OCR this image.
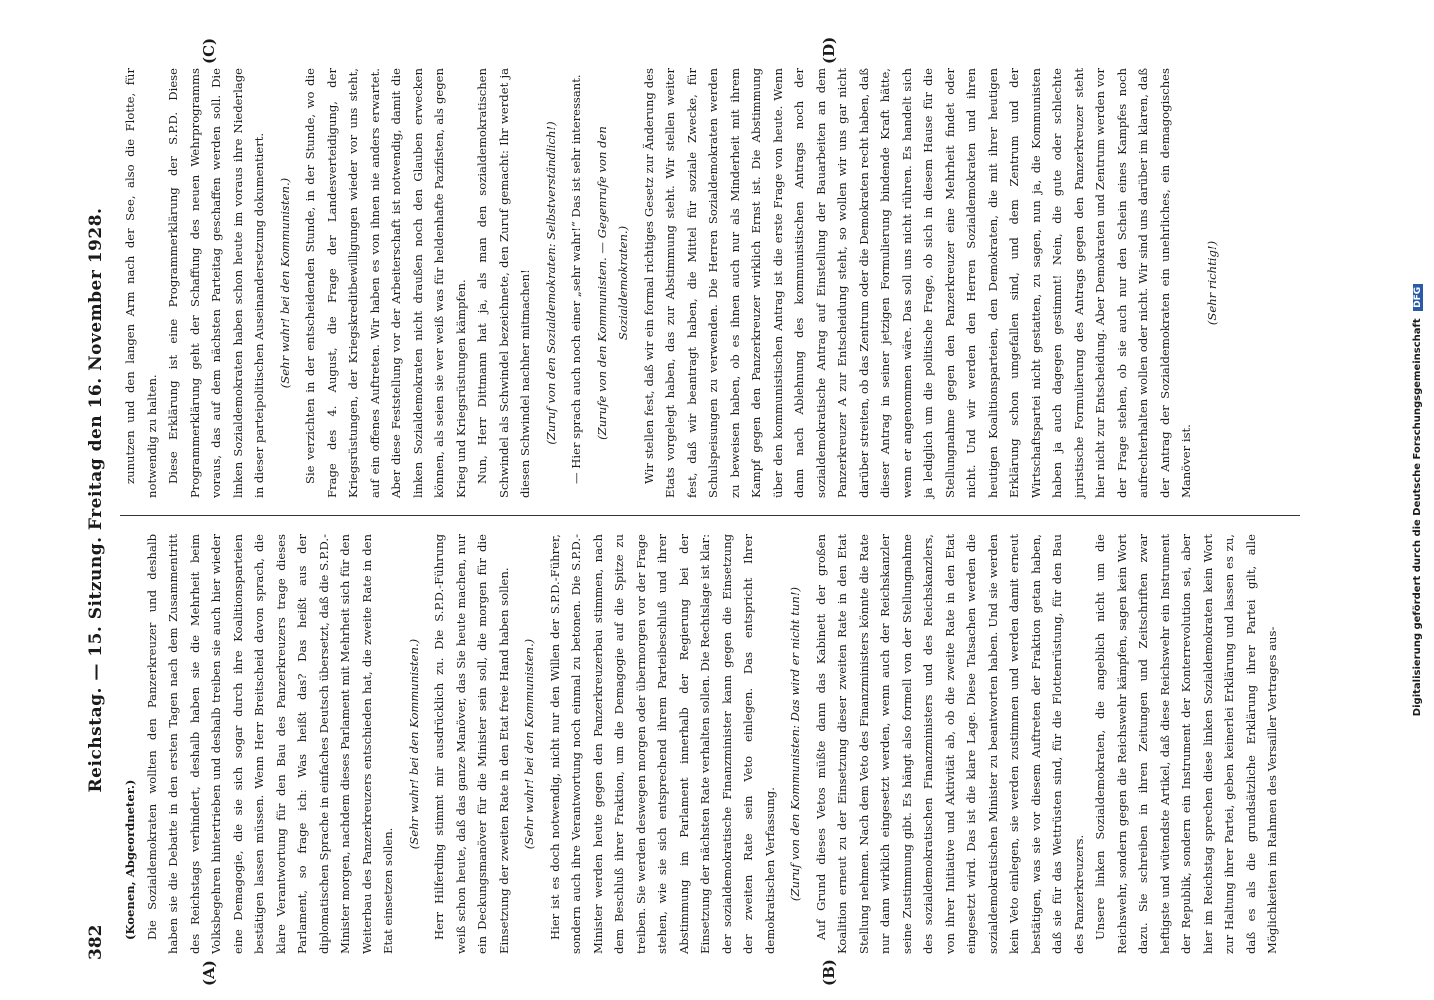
382
Reichstag. — 15. Sitzung. Freitag den 16. November 1928.
(A)	(B)
(C)	(D)

(Koenen, Abgeordneter.) Die Sozialdemokraten wollten den Panzerkreuzer und deshalb haben sie die Debatte in den ersten Tagen nach dem Zusammentritt des Reichstags verhindert, deshalb haben sie die Mehrheit beim Volksbegehren hintertrieben und deshalb treiben sie auch hier wieder eine Demagogie, die sie sich sogar durch ihre Koalitionsparteien bestätigen lassen müssen. Wenn Herr Breitscheid davon sprach, die klare Verantwortung für den Bau des Panzerkreuzers trage dieses Parlament, so frage ich: Was heißt das? Das heißt aus der diplomatischen Sprache in einfaches Deutsch übersetzt, daß die S.P.D.-Minister morgen, nachdem dieses Parlament mit Mehrheit sich für den Weiterbau des Panzerkreuzers entschieden hat, die zweite Rate in den Etat einsetzen sollen.

(Sehr wahr! bei den Kommunisten.) Herr Hilferding stimmt mir ausdrücklich zu. Die S.P.D.-Führung weiß schon heute, daß das ganze Manöver, das Sie heute machen, nur ein Deckungsmanöver für die Minister sein soll, die morgen für die Einsetzung der zweiten Rate in den Etat freie Hand haben sollen. (Sehr wahr! bei den Kommunisten.) Hier ist es doch notwendig, nicht nur den Willen der S.P.D.-Führer, sondern auch ihre Verantwortung noch einmal zu betonen. Die S.P.D.-Minister werden heute gegen den Panzerkreuzerbau stimmen, nach dem Beschluß ihrer Fraktion, um die Demagogie auf die Spitze zu treiben. Sie werden deswegen morgen oder übermorgen vor der Frage stehen, wie sie sich entsprechend ihrem Parteibeschluß und ihrer Abstimmung im Parlament innerhalb der Regierung bei der Einsetzung der nächsten Rate verhalten sollen. Die Rechtslage ist klar: der sozialdemokratische Finanzminister kann gegen die Einsetzung der zweiten Rate sein Veto einlegen. Das entspricht Ihrer demokratischen Verfassung. (Zuruf von den Kommunisten: Das wird er nicht tun!) Auf Grund dieses Vetos müßte dann das Kabinett der großen Koalition erneut zu der Einsetzung dieser zweiten Rate in den Etat Stellung nehmen. Nach dem Veto des Finanzministers könnte die Rate nur dann wirklich eingesetzt werden, wenn auch der Reichskanzler seine Zustimmung gibt. Es hängt also formell von der Stellungnahme des sozialdemokratischen Finanzministers und des Reichskanzlers, von ihrer Initiative und Aktivität ab, ob die zweite Rate in den Etat eingesetzt wird. Das ist die klare Lage. Diese Tatsachen werden die sozialdemokratischen Minister zu beantworten haben. Und sie werden kein Veto einlegen, sie werden zustimmen und werden damit erneut bestätigen, was sie vor diesem Auftreten der Fraktion getan haben, daß sie für das Wettrüsten sind, für die Flottenrüstung, für den Bau des Panzerkreuzers. Unsere linken Sozialdemokraten, die angeblich nicht um die Reichswehr, sondern gegen die Reichswehr kämpfen, sagen kein Wort dazu. Sie schreiben in ihren Zeitungen und Zeitschriften zwar heftigste und wütendste Artikel, daß diese Reichswehr ein Instrument der Republik, sondern ein Instrument der Konterrevolution sei, aber hier im Reichstag sprechen diese linken Sozialdemokraten kein Wort zur Haltung ihrer Partei, geben keinerlei Erklärung und lassen es zu, daß es als die grundsätzliche Erklärung ihrer Partei gilt, alle Möglichkeiten im Rahmen des Versailler Vertrages aus-

zunutzen und den langen Arm nach der See, also die Flotte, für notwendig zu halten. Diese Erklärung ist eine Programmerklärung der S.P.D. Diese Programmerklärung geht der Schaffung des neuen Wehrprogramms voraus, das auf dem nächsten Parteitag geschaffen werden soll. Die linken Sozialdemokraten haben schon heute im voraus ihre Niederlage in dieser parteipolitischen Auseinandersetzung dokumentiert. (Sehr wahr! bei den Kommunisten.) Sie verzichten in der entscheidenden Stunde, in der Stunde, wo die Frage des 4. August, die Frage der Landesverteidigung, der Kriegsrüstungen, der Kriegskreditbewilligungen wieder vor uns steht, auf ein offenes Auftreten. Wir haben es von ihnen nie anders erwartet. Aber diese Feststellung vor der Arbeiterschaft ist notwendig, damit die linken Sozialdemokraten nicht draußen noch den Glauben erwecken können, als seien sie wer weiß was für heldenhafte Pazifisten, als gegen Krieg und Kriegsrüstungen kämpfen. Nun, Herr Dittmann hat ja, als man den sozialdemokratischen Schwindel als Schwindel bezeichnete, den Zuruf gemacht: Ihr werdet ja diesen Schwindel nachher mitmachen! (Zuruf von den Sozialdemokraten: Selbstverständlich!) — Hier sprach auch noch einer „sehr wahr!“ Das ist sehr interessant. (Zurufe von den Kommunisten. — Gegenrufe von den Sozialdemokraten.) Wir stellen fest, daß wir ein formal richtiges Gesetz zur Änderung des Etats vorgelegt haben, das zur Abstimmung steht. Wir stellen weiter fest, daß wir beantragt haben, die Mittel für soziale Zwecke, für Schulspeisungen zu verwenden. Die Herren Sozialdemokraten werden zu beweisen haben, ob es ihnen auch nur als Minderheit mit ihrem Kampf gegen den Panzerkreuzer wirklich Ernst ist. Die Abstimmung über den kommunistischen Antrag ist die erste Frage von heute. Wenn dann nach Ablehnung des kommunistischen Antrags noch der sozialdemokratische Antrag auf Einstellung der Bauarbeiten an dem Panzerkreuzer A zur Entscheidung steht, so wollen wir uns gar nicht darüber streiten, ob das Zentrum oder die Demokraten recht haben, daß dieser Antrag in seiner jetzigen Formulierung bindende Kraft hätte, wenn er angenommen wäre. Das soll uns nicht rühren. Es handelt sich ja lediglich um die politische Frage, ob sich in diesem Hause für die Stellungnahme gegen den Panzerkreuzer eine Mehrheit findet oder nicht. Und wir werden den Herren Sozialdemokraten und ihren heutigen Koalitionsparteien, den Demokraten, die mit ihrer heutigen Erklärung schon umgefallen sind, und dem Zentrum und der Wirtschaftspartei nicht gestatten, zu sagen, nun ja, die Kommunisten haben ja auch dagegen gestimmt! Nein, die gute oder schlechte juristische Formulierung des Antrags gegen den Panzerkreuzer steht hier nicht zur Entscheidung. Aber Demokraten und Zentrum werden vor der Frage stehen, ob sie auch nur den Schein eines Kampfes noch aufrechterhalten wollen oder nicht. Wir sind uns darüber im klaren, daß der Antrag der Sozialdemokraten ein unehrliches, ein demagogisches Manöver ist.

(Sehr richtig!)

Digitalisierung gefördert durch die Deutsche Forschungsgemeinschaft DFG
